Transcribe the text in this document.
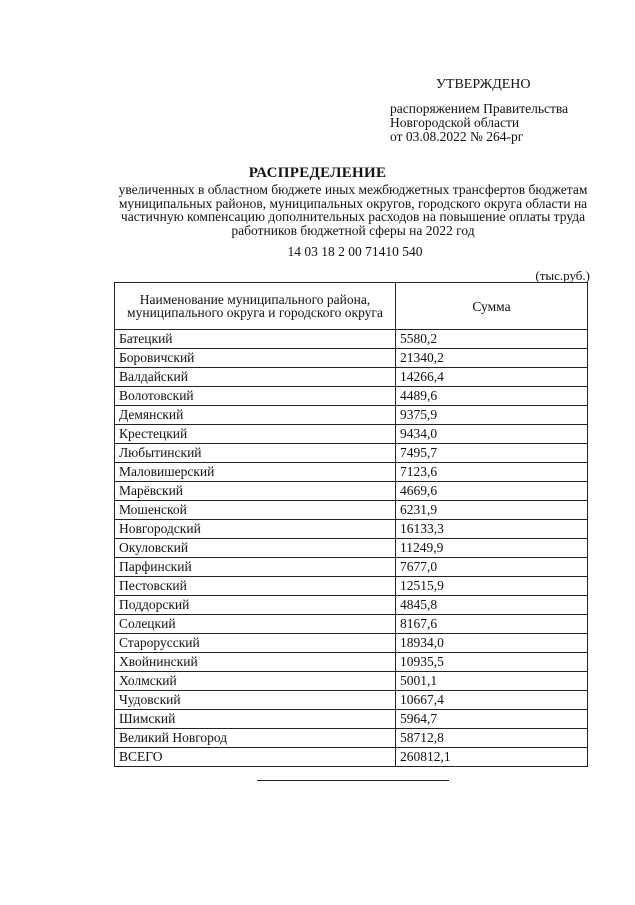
УТВЕРЖДЕНО
распоряжением Правительства
Новгородской области
от 03.08.2022 № 264-рг
РАСПРЕДЕЛЕНИЕ
увеличенных в областном бюджете иных межбюджетных трансфертов бюджетам муниципальных районов, муниципальных округов, городского округа области на частичную компенсацию дополнительных расходов на повышение оплаты труда работников бюджетной сферы на 2022 год
14 03 18 2 00 71410 540
(тыс.руб.)
Наименование муниципального района, муниципального округа и городского округа	Сумма
Батецкий	5580,2
Боровичский	21340,2
Валдайский	14266,4
Волотовский	4489,6
Демянский	9375,9
Крестецкий	9434,0
Любытинский	7495,7
Маловишерский	7123,6
Марёвский	4669,6
Мошенской	6231,9
Новгородский	16133,3
Окуловский	11249,9
Парфинский	7677,0
Пестовский	12515,9
Поддорский	4845,8
Солецкий	8167,6
Старорусский	18934,0
Хвойнинский	10935,5
Холмский	5001,1
Чудовский	10667,4
Шимский	5964,7
Великий Новгород	58712,8
ВСЕГО	260812,1
